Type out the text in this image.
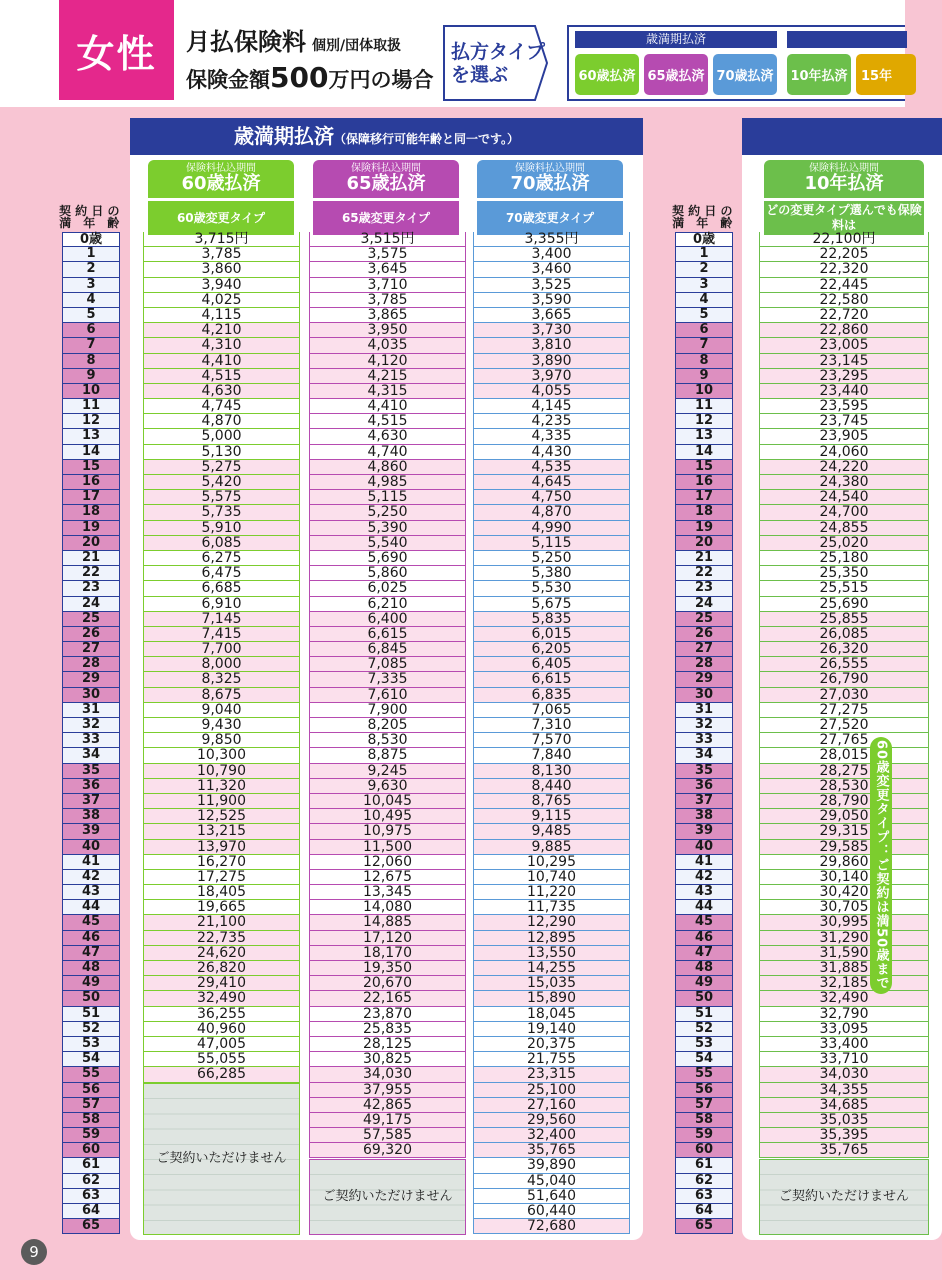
女性	月払保険料 個別/団体取扱
保険金額500万円の場合
払方タイプ
を選ぶ
歳満期払済
60歳払済 65歳払済 70歳払済 10年払済	15年
歳満期払済（保障移行可能年齢と同一です。）
保険料払込期間
60歳払済
60歳変更タイプ
保険料払込期間
65歳払済
65歳変更タイプ
保険料払込期間
70歳払済
70歳変更タイプ
保険料払込期間
10年払済
どの変更タイプ選んでも保険料は
契 約 日 の
満　年　齢
契 約 日 の
満　年　齢
0歳
1
2
3
4
5
6
7
8
9
10
11
12
13
14
15
16
17
18
19
20
21
22
23
24
25
26
27
28
29
30
31
32
33
34
35
36
37
38
39
40
41
42
43
44
45
46
47
48
49
50
51
52
53
54
55
56
57
58
59
60
61
62
63
64
65
0歳
1
2
3
4
5
6
7
8
9
10
11
12
13
14
15
16
17
18
19
20
21
22
23
24
25
26
27
28
29
30
31
32
33
34
35
36
37
38
39
40
41
42
43
44
45
46
47
48
49
50
51
52
53
54
55
56
57
58
59
60
61
62
63
64
65
3,715円
3,785
3,860
3,940
4,025
4,115
4,210
4,310
4,410
4,515
4,630
4,745
4,870
5,000
5,130
5,275
5,420
5,575
5,735
5,910
6,085
6,275
6,475
6,685
6,910
7,145
7,415
7,700
8,000
8,325
8,675
9,040
9,430
9,850
10,300
10,790
11,320
11,900
12,525
13,215
13,970
16,270
17,275
18,405
19,665
21,100
22,735
24,620
26,820
29,410
32,490
36,255
40,960
47,005
55,055
66,285
ご契約いただけません
3,515円
3,575
3,645
3,710
3,785
3,865
3,950
4,035
4,120
4,215
4,315
4,410
4,515
4,630
4,740
4,860
4,985
5,115
5,250
5,390
5,540
5,690
5,860
6,025
6,210
6,400
6,615
6,845
7,085
7,335
7,610
7,900
8,205
8,530
8,875
9,245
9,630
10,045
10,495
10,975
11,500
12,060
12,675
13,345
14,080
14,885
17,120
18,170
19,350
20,670
22,165
23,870
25,835
28,125
30,825
34,030
37,955
42,865
49,175
57,585
69,320
ご契約いただけません
3,355円
3,400
3,460
3,525
3,590
3,665
3,730
3,810
3,890
3,970
4,055
4,145
4,235
4,335
4,430
4,535
4,645
4,750
4,870
4,990
5,115
5,250
5,380
5,530
5,675
5,835
6,015
6,205
6,405
6,615
6,835
7,065
7,310
7,570
7,840
8,130
8,440
8,765
9,115
9,485
9,885
10,295
10,740
11,220
11,735
12,290
12,895
13,550
14,255
15,035
15,890
18,045
19,140
20,375
21,755
23,315
25,100
27,160
29,560
32,400
35,765
39,890
45,040
51,640
60,440
72,680
22,100円
22,205
22,320
22,445
22,580
22,720
22,860
23,005
23,145
23,295
23,440
23,595
23,745
23,905
24,060
24,220
24,380
24,540
24,700
24,855
25,020
25,180
25,350
25,515
25,690
25,855
26,085
26,320
26,555
26,790
27,030
27,275
27,520
27,765
28,015
28,275
28,530
28,790
29,050
29,315
29,585
29,860
30,140
30,420
30,705
30,995
31,290
31,590
31,885
32,185
32,490
32,790
33,095
33,400
33,710
34,030
34,355
34,685
35,035
35,395
35,765
ご契約いただけません
60歳変更タイプ：ご契約は満50歳まで
9
